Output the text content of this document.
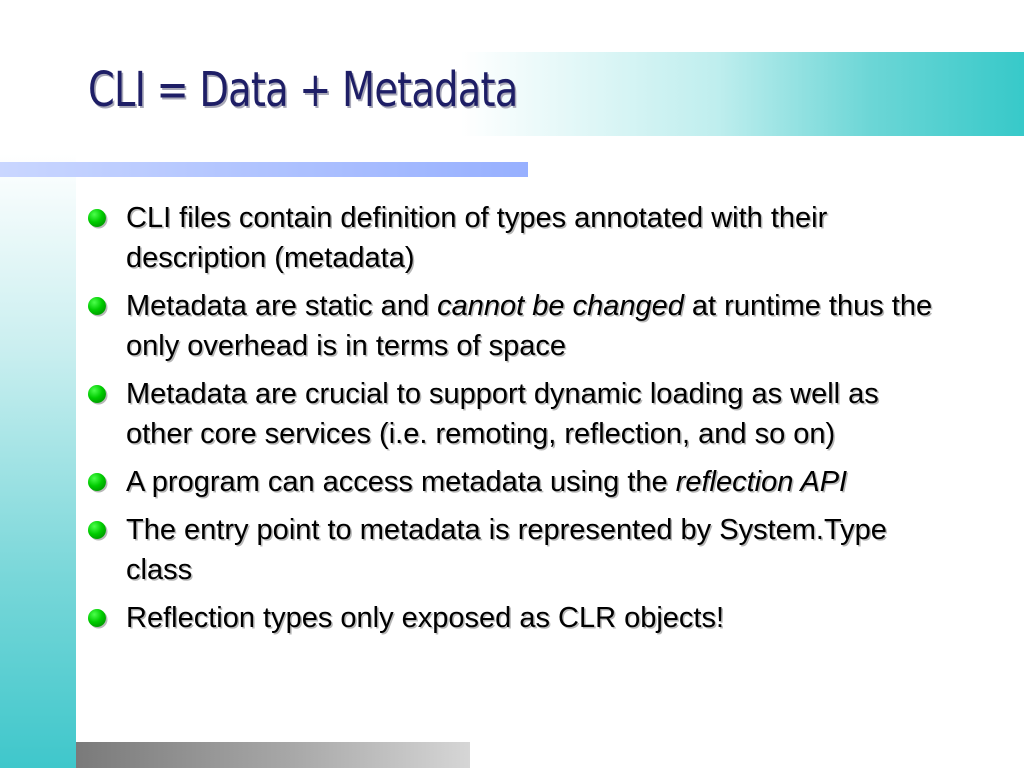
CLI = Data + Metadata
CLI files contain definition of types annotated with their description (metadata)
Metadata are static and cannot be changed at runtime thus the only overhead is in terms of space
Metadata are crucial to support dynamic loading as well as other core services (i.e. remoting, reflection, and so on)
A program can access metadata using the reflection API
The entry point to metadata is represented by System.Type class
Reflection types only exposed as CLR objects!
